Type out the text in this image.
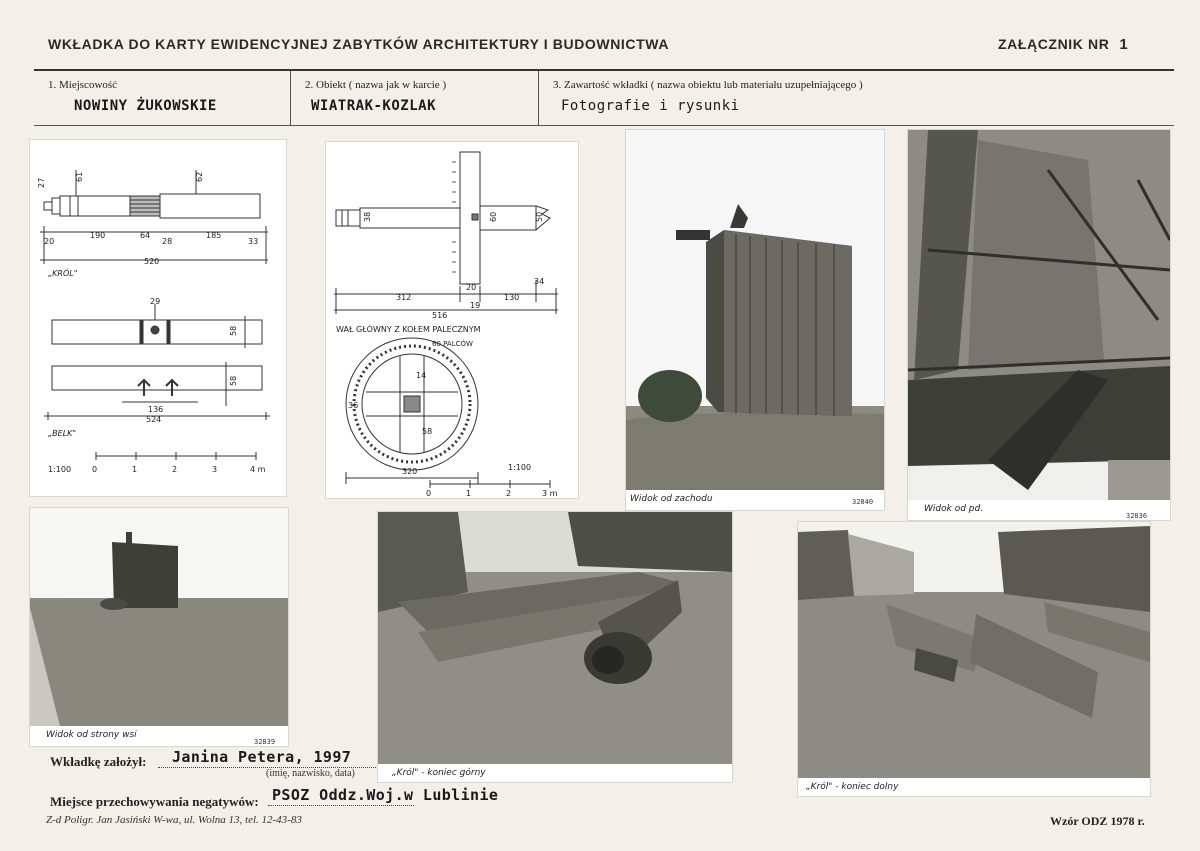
WKŁADKA DO KARTY EWIDENCYJNEJ ZABYTKÓW ARCHITEKTURY I BUDOWNICTWA	ZAŁĄCZNIK NR 1
1. Miejscowość
NOWINY ŻUKOWSKIE
2. Obiekt ( nazwa jak w karcie )
WIATRAK-KOZLAK
3. Zawartość wkładki ( nazwa obiektu lub materiału uzupełniającego )
Fotografie i rysunki
27
61	62
20
190	64
28
185
33
520
„KRÓL"
29
58
58
136
524
„BELK"
1:100	0	1	2	3	4 m
38	60	50
20
34
312
19
130
516
WAŁ GŁÓWNY Z KOŁEM PALECZNYM
60 PALCÓW
14
36
58
320	1:100
0	1	2	3 m
Widok od zachodu	32840
Widok od pd.
32836
Widok od strony wsi
32839
„Król" - koniec górny
„Król" - koniec dolny
Wkładkę założył: Janina Petera, 1997
(imię, nazwisko, data)
Miejsce przechowywania negatywów: PSOZ Oddz.Woj.w Lublinie
Z-d Poligr. Jan Jasiński W-wa, ul. Wolna 13, tel. 12-43-83	Wzór ODZ 1978 r.
